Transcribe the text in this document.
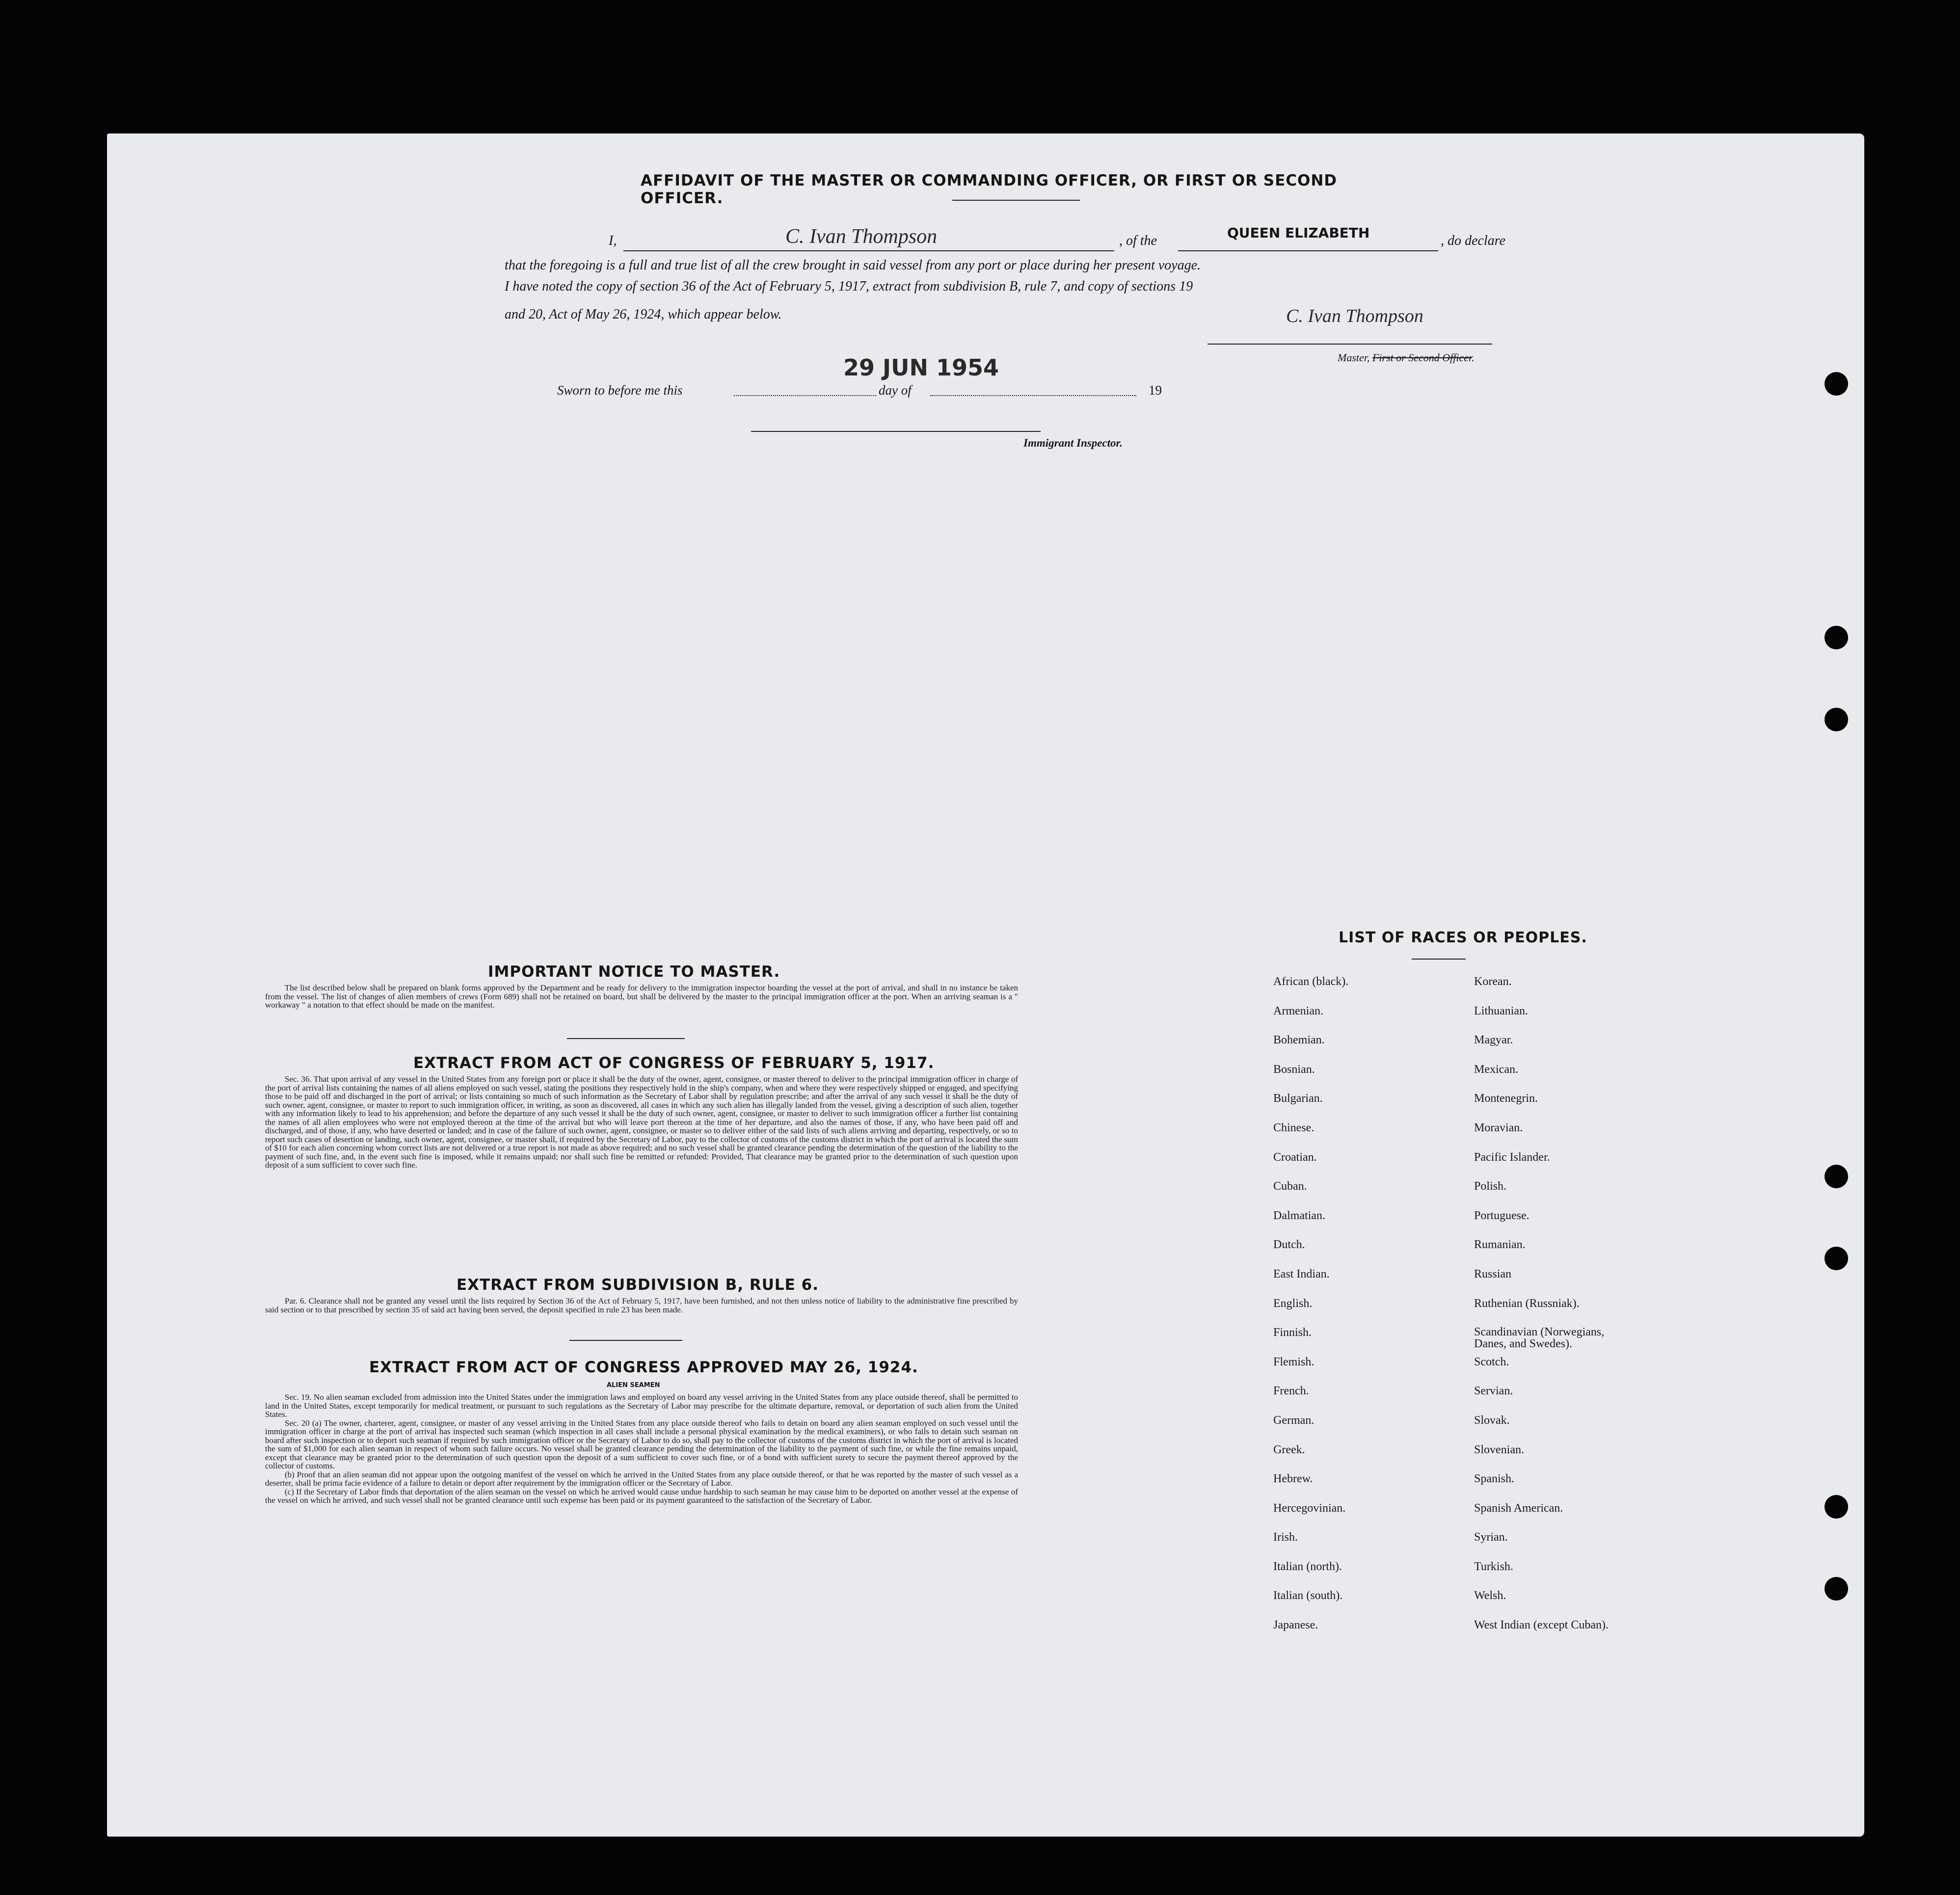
AFFIDAVIT OF THE MASTER OR COMMANDING OFFICER, OR FIRST OR SECOND OFFICER.
I,	C. Ivan Thompson	, of the	QUEEN ELIZABETH	, do declare
that the foregoing is a full and true list of all the crew brought in said vessel from any port or place during her present voyage.
I have noted the copy of section 36 of the Act of February 5, 1917, extract from subdivision B, rule 7, and copy of sections 19
and 20, Act of May 26, 1924, which appear below.	C. Ivan Thompson
Master, First or Second Officer.
29 JUN 1954
Sworn to before me this	day of	19
Immigrant Inspector.
IMPORTANT NOTICE TO MASTER.

The list described below shall be prepared on blank forms approved by the Department and be ready for delivery to the immigration inspector boarding the vessel at the port of arrival, and shall in no instance be taken from the vessel. The list of changes of alien members of crews (Form 689) shall not be retained on board, but shall be delivered by the master to the principal immigration officer at the port. When an arriving seaman is a " workaway " a notation to that effect should be made on the manifest.

EXTRACT FROM ACT OF CONGRESS OF FEBRUARY 5, 1917.

Sec. 36. That upon arrival of any vessel in the United States from any foreign port or place it shall be the duty of the owner, agent, consignee, or master thereof to deliver to the principal immigration officer in charge of the port of arrival lists containing the names of all aliens employed on such vessel, stating the positions they respectively hold in the ship's company, when and where they were respectively shipped or engaged, and specifying those to be paid off and discharged in the port of arrival; or lists containing so much of such information as the Secretary of Labor shall by regulation prescribe; and after the arrival of any such vessel it shall be the duty of such owner, agent, consignee, or master to report to such immigration officer, in writing, as soon as discovered, all cases in which any such alien has illegally landed from the vessel, giving a description of such alien, together with any information likely to lead to his apprehension; and before the departure of any such vessel it shall be the duty of such owner, agent, consignee, or master to deliver to such immigration officer a further list containing the names of all alien employees who were not employed thereon at the time of the arrival but who will leave port thereon at the time of her departure, and also the names of those, if any, who have been paid off and discharged, and of those, if any, who have deserted or landed; and in case of the failure of such owner, agent, consignee, or master so to deliver either of the said lists of such aliens arriving and departing, respectively, or so to report such cases of desertion or landing, such owner, agent, consignee, or master shall, if required by the Secretary of Labor, pay to the collector of customs of the customs district in which the port of arrival is located the sum of $10 for each alien concerning whom correct lists are not delivered or a true report is not made as above required; and no such vessel shall be granted clearance pending the determination of the question of the liability to the payment of such fine, and, in the event such fine is imposed, while it remains unpaid; nor shall such fine be remitted or refunded: Provided, That clearance may be granted prior to the determination of such question upon deposit of a sum sufficient to cover such fine.

EXTRACT FROM SUBDIVISION B, RULE 6.

Par. 6. Clearance shall not be granted any vessel until the lists required by Section 36 of the Act of February 5, 1917, have been furnished, and not then unless notice of liability to the administrative fine prescribed by said section or to that prescribed by section 35 of said act having been served, the deposit specified in rule 23 has been made.

EXTRACT FROM ACT OF CONGRESS APPROVED MAY 26, 1924.
ALIEN SEAMEN

Sec. 19. No alien seaman excluded from admission into the United States under the immigration laws and employed on board any vessel arriving in the United States from any place outside thereof, shall be permitted to land in the United States, except temporarily for medical treatment, or pursuant to such regulations as the Secretary of Labor may prescribe for the ultimate departure, removal, or deportation of such alien from the United States.

Sec. 20 (a) The owner, charterer, agent, consignee, or master of any vessel arriving in the United States from any place outside thereof who fails to detain on board any alien seaman employed on such vessel until the immigration officer in charge at the port of arrival has inspected such seaman (which inspection in all cases shall include a personal physical examination by the medical examiners), or who fails to detain such seaman on board after such inspection or to deport such seaman if required by such immigration officer or the Secretary of Labor to do so, shall pay to the collector of customs of the customs district in which the port of arrival is located the sum of $1,000 for each alien seaman in respect of whom such failure occurs. No vessel shall be granted clearance pending the determination of the liability to the payment of such fine, or while the fine remains unpaid, except that clearance may be granted prior to the determination of such question upon the deposit of a sum sufficient to cover such fine, or of a bond with sufficient surety to secure the payment thereof approved by the collector of customs.

(b) Proof that an alien seaman did not appear upon the outgoing manifest of the vessel on which he arrived in the United States from any place outside thereof, or that he was reported by the master of such vessel as a deserter, shall be prima facie evidence of a failure to detain or deport after requirement by the immigration officer or the Secretary of Labor.

(c) If the Secretary of Labor finds that deportation of the alien seaman on the vessel on which he arrived would cause undue hardship to such seaman he may cause him to be deported on another vessel at the expense of the vessel on which he arrived, and such vessel shall not be granted clearance until such expense has been paid or its payment guaranteed to the satisfaction of the Secretary of Labor.

LIST OF RACES OR PEOPLES.
African (black).
Armenian.
Bohemian.
Bosnian.
Bulgarian.
Chinese.
Croatian.
Cuban.
Dalmatian.
Dutch.
East Indian.
English.
Finnish.
Flemish.
French.
German.
Greek.
Hebrew.
Hercegovinian.
Irish.
Italian (north).
Italian (south).
Japanese.
Korean.
Lithuanian.
Magyar.
Mexican.
Montenegrin.
Moravian.
Pacific Islander.
Polish.
Portuguese.
Rumanian.
Russian
Ruthenian (Russniak).
Scandinavian (Norwegians, Danes, and Swedes).
Scotch.
Servian.
Slovak.
Slovenian.
Spanish.
Spanish American.
Syrian.
Turkish.
Welsh.
West Indian (except Cuban).
